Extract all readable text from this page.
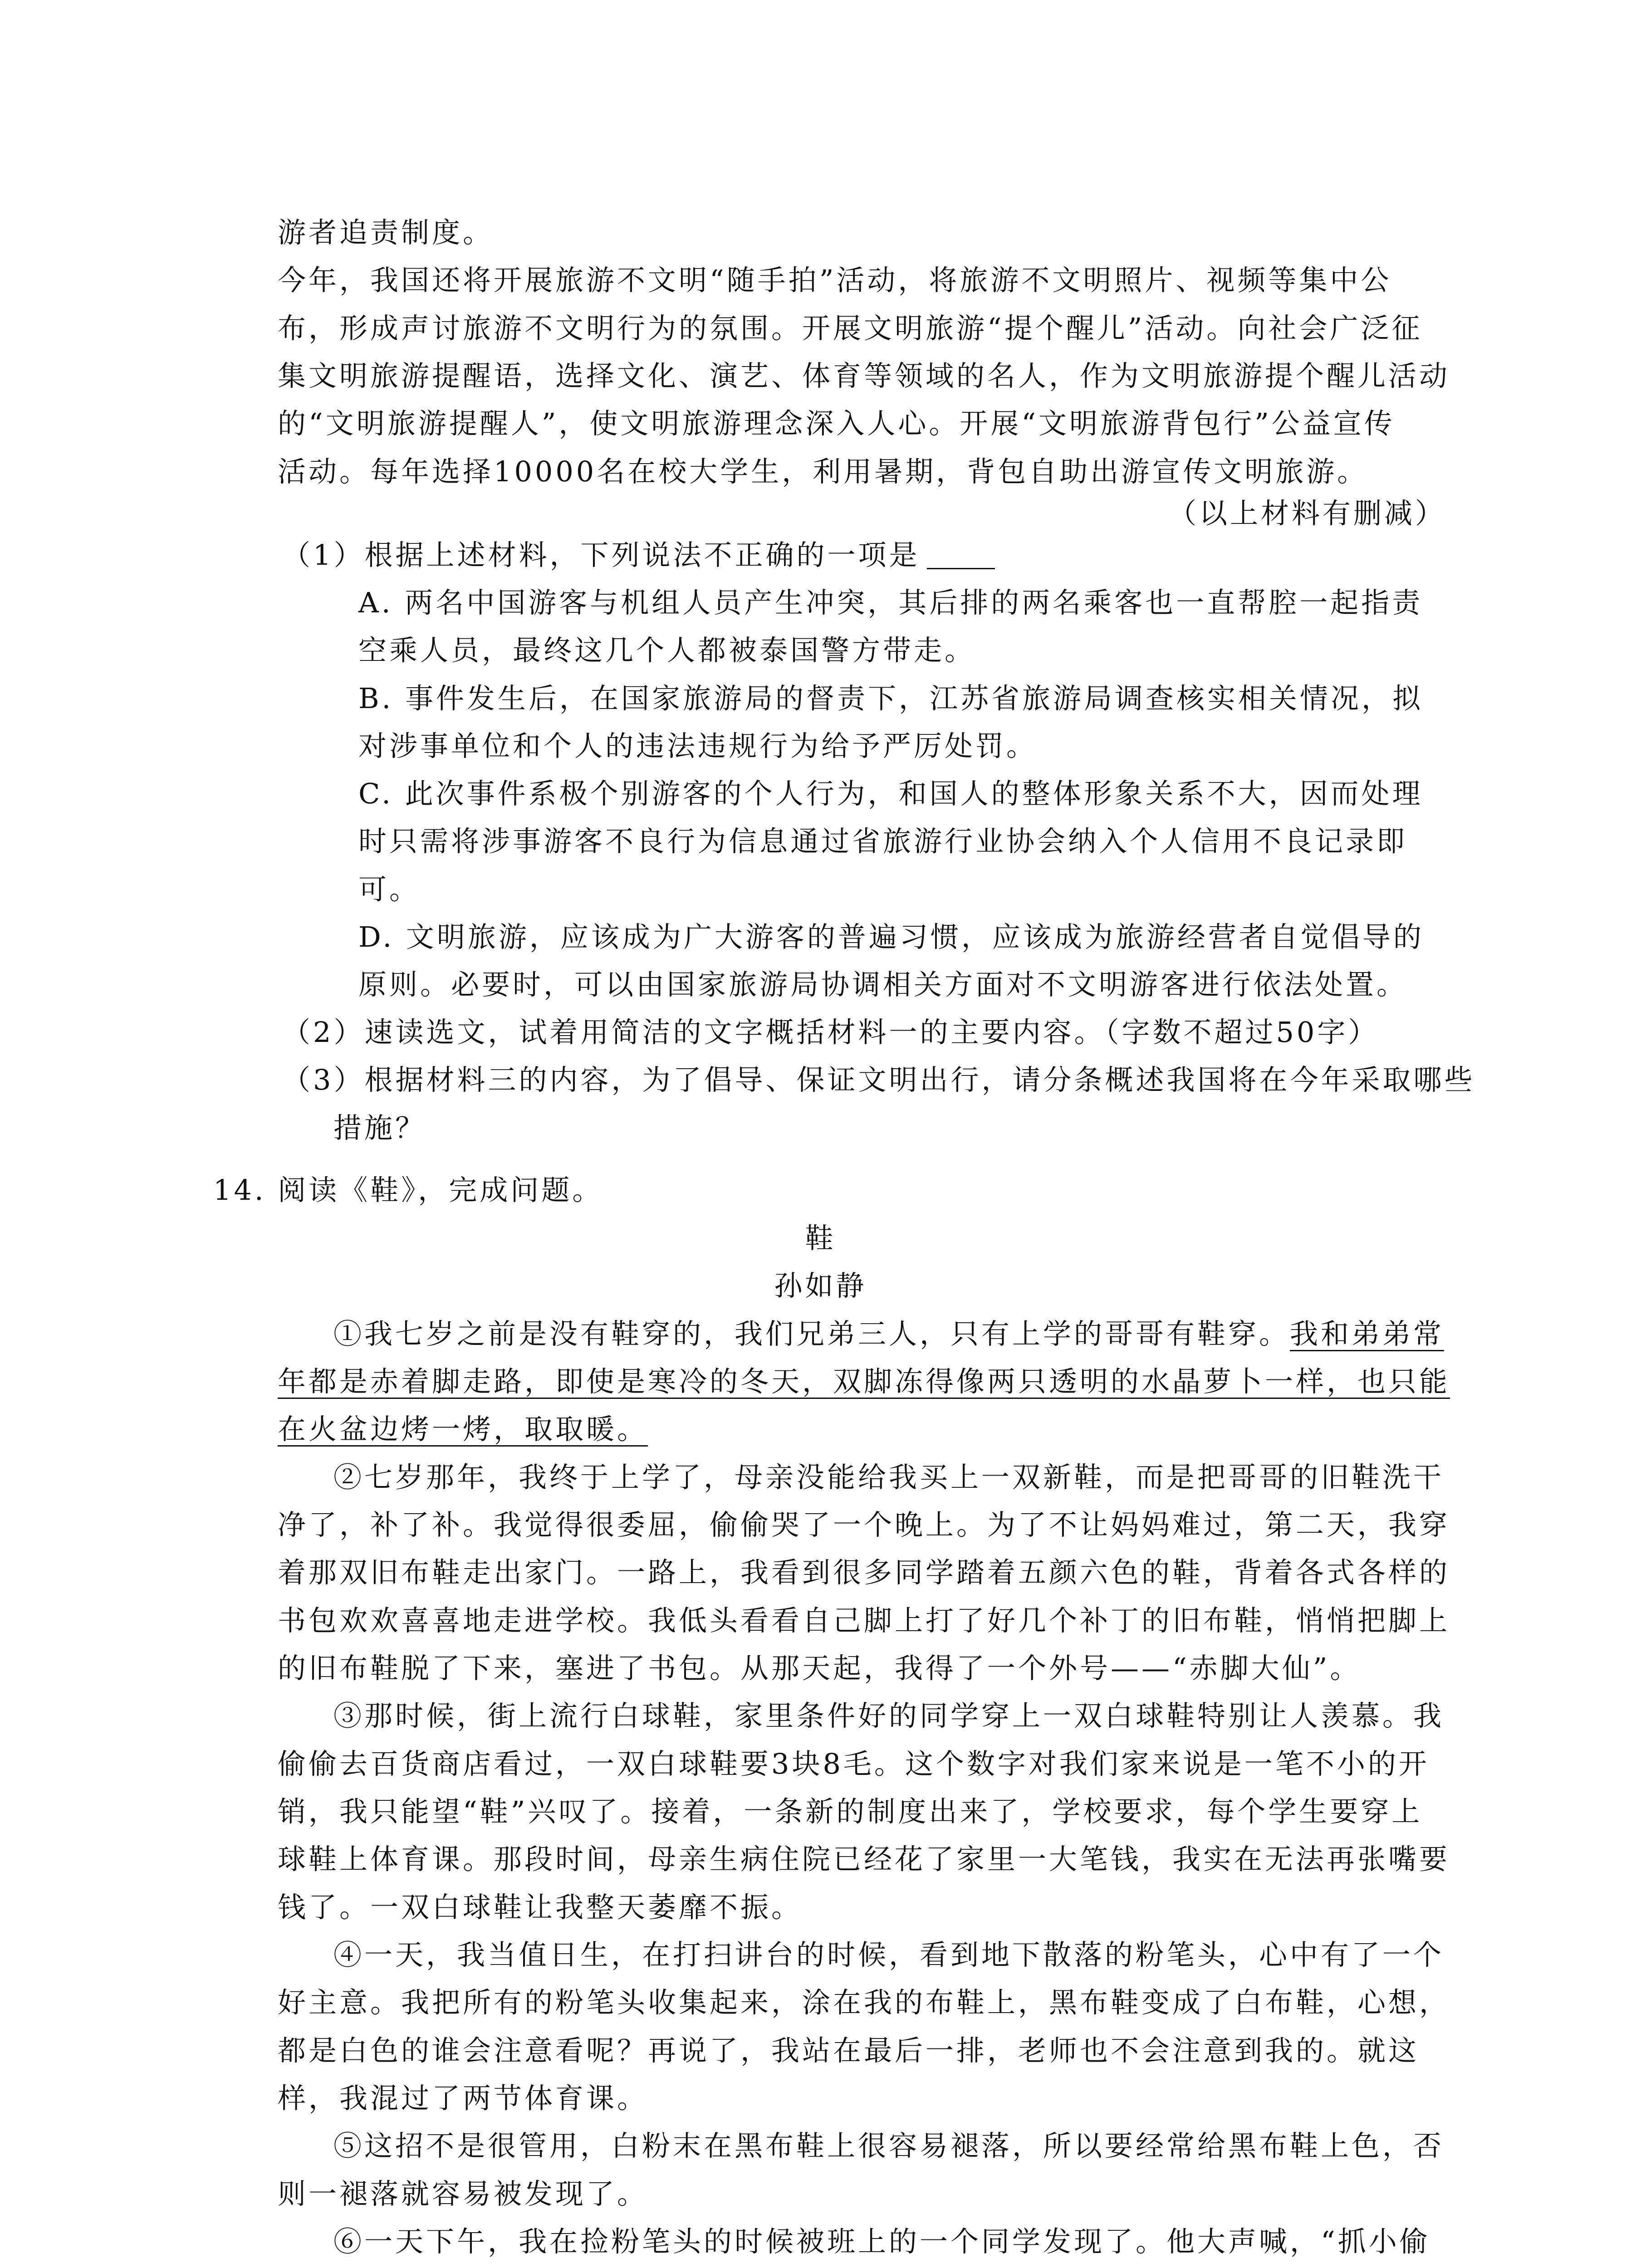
游者追责制度。

今年，我国还将开展旅游不文明“随手拍”活动，将旅游不文明照片、视频等集中公

布，形成声讨旅游不文明行为的氛围。开展文明旅游“提个醒儿”活动。向社会广泛征

集文明旅游提醒语，选择文化、演艺、体育等领域的名人，作为文明旅游提个醒儿活动

的“文明旅游提醒人”，使文明旅游理念深入人心。开展“文明旅游背包行”公益宣传

活动。每年选择10000名在校大学生，利用暑期，背包自助出游宣传文明旅游。

（以上材料有删减）

（1）根据上述材料，下列说法不正确的一项是

A. 两名中国游客与机组人员产生冲突，其后排的两名乘客也一直帮腔一起指责

空乘人员，最终这几个人都被泰国警方带走。

B. 事件发生后，在国家旅游局的督责下，江苏省旅游局调查核实相关情况，拟

对涉事单位和个人的违法违规行为给予严厉处罚。

C. 此次事件系极个别游客的个人行为，和国人的整体形象关系不大，因而处理

时只需将涉事游客不良行为信息通过省旅游行业协会纳入个人信用不良记录即

可。

D. 文明旅游，应该成为广大游客的普遍习惯，应该成为旅游经营者自觉倡导的

原则。必要时，可以由国家旅游局协调相关方面对不文明游客进行依法处置。

（2）速读选文，试着用简洁的文字概括材料一的主要内容。（字数不超过50字）

（3）根据材料三的内容，为了倡导、保证文明出行，请分条概述我国将在今年采取哪些

措施？

14. 阅读《鞋》，完成问题。

鞋

孙如静

①我七岁之前是没有鞋穿的，我们兄弟三人，只有上学的哥哥有鞋穿。我和弟弟常

年都是赤着脚走路，即使是寒冷的冬天，双脚冻得像两只透明的水晶萝卜一样，也只能

在火盆边烤一烤，取取暖。

②七岁那年，我终于上学了，母亲没能给我买上一双新鞋，而是把哥哥的旧鞋洗干

净了，补了补。我觉得很委屈，偷偷哭了一个晚上。为了不让妈妈难过，第二天，我穿

着那双旧布鞋走出家门。一路上，我看到很多同学踏着五颜六色的鞋，背着各式各样的

书包欢欢喜喜地走进学校。我低头看看自己脚上打了好几个补丁的旧布鞋，悄悄把脚上

的旧布鞋脱了下来，塞进了书包。从那天起，我得了一个外号——“赤脚大仙”。

③那时候，街上流行白球鞋，家里条件好的同学穿上一双白球鞋特别让人羡慕。我

偷偷去百货商店看过，一双白球鞋要3块8毛。这个数字对我们家来说是一笔不小的开

销，我只能望“鞋”兴叹了。接着，一条新的制度出来了，学校要求，每个学生要穿上

球鞋上体育课。那段时间，母亲生病住院已经花了家里一大笔钱，我实在无法再张嘴要

钱了。一双白球鞋让我整天萎靡不振。

④一天，我当值日生，在打扫讲台的时候，看到地下散落的粉笔头，心中有了一个

好主意。我把所有的粉笔头收集起来，涂在我的布鞋上，黑布鞋变成了白布鞋，心想，

都是白色的谁会注意看呢？再说了，我站在最后一排，老师也不会注意到我的。就这

样，我混过了两节体育课。

⑤这招不是很管用，白粉末在黑布鞋上很容易褪落，所以要经常给黑布鞋上色，否

则一褪落就容易被发现了。

⑥一天下午，我在捡粉笔头的时候被班上的一个同学发现了。他大声喊，“抓小偷
